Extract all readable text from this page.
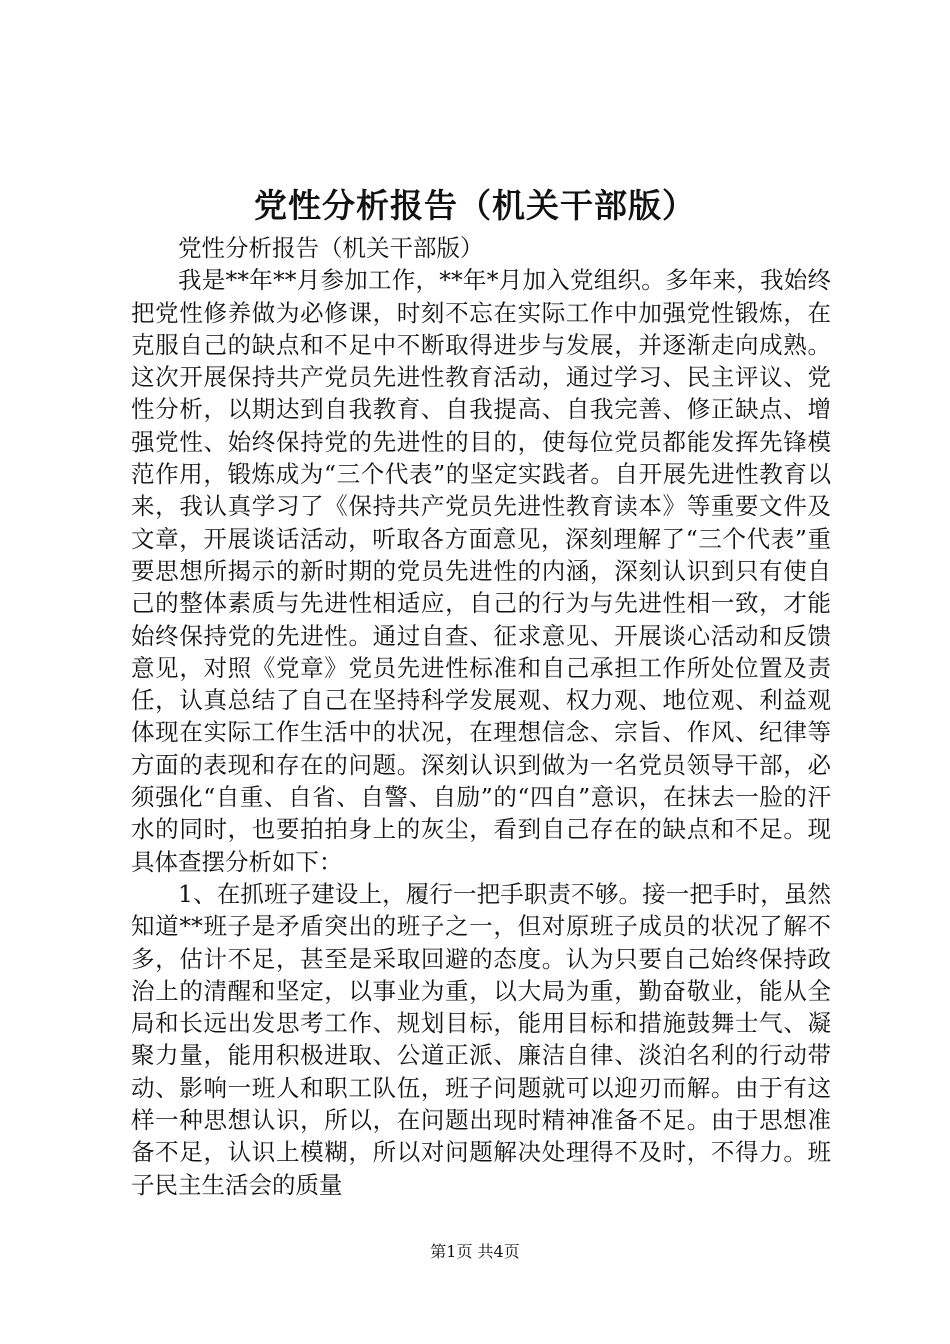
党性分析报告（机关干部版）

党性分析报告（机关干部版）

我是**年**月参加工作，**年*月加入党组织。多年来，我始终把党性修养做为必修课，时刻不忘在实际工作中加强党性锻炼，在克服自己的缺点和不足中不断取得进步与发展，并逐渐走向成熟。这次开展保持共产党员先进性教育活动，通过学习、民主评议、党性分析，以期达到自我教育、自我提高、自我完善、修正缺点、增强党性、始终保持党的先进性的目的，使每位党员都能发挥先锋模范作用，锻炼成为“三个代表”的坚定实践者。自开展先进性教育以来，我认真学习了《保持共产党员先进性教育读本》等重要文件及文章，开展谈话活动，听取各方面意见，深刻理解了“三个代表”重要思想所揭示的新时期的党员先进性的内涵，深刻认识到只有使自己的整体素质与先进性相适应，自己的行为与先进性相一致，才能始终保持党的先进性。通过自查、征求意见、开展谈心活动和反馈意见，对照《党章》党员先进性标准和自己承担工作所处位置及责任，认真总结了自己在坚持科学发展观、权力观、地位观、利益观体现在实际工作生活中的状况，在理想信念、宗旨、作风、纪律等方面的表现和存在的问题。深刻认识到做为一名党员领导干部，必须强化“自重、自省、自警、自励”的“四自”意识，在抹去一脸的汗水的同时，也要拍拍身上的灰尘，看到自己存在的缺点和不足。现具体查摆分析如下：

1、在抓班子建设上，履行一把手职责不够。接一把手时，虽然知道**班子是矛盾突出的班子之一，但对原班子成员的状况了解不多，估计不足，甚至是采取回避的态度。认为只要自己始终保持政治上的清醒和坚定，以事业为重，以大局为重，勤奋敬业，能从全局和长远出发思考工作、规划目标，能用目标和措施鼓舞士气、凝聚力量，能用积极进取、公道正派、廉洁自律、淡泊名利的行动带动、影响一班人和职工队伍，班子问题就可以迎刃而解。由于有这样一种思想认识，所以，在问题出现时精神准备不足。由于思想准备不足，认识上模糊，所以对问题解决处理得不及时，不得力。班子民主生活会的质量

第1页 共4页
